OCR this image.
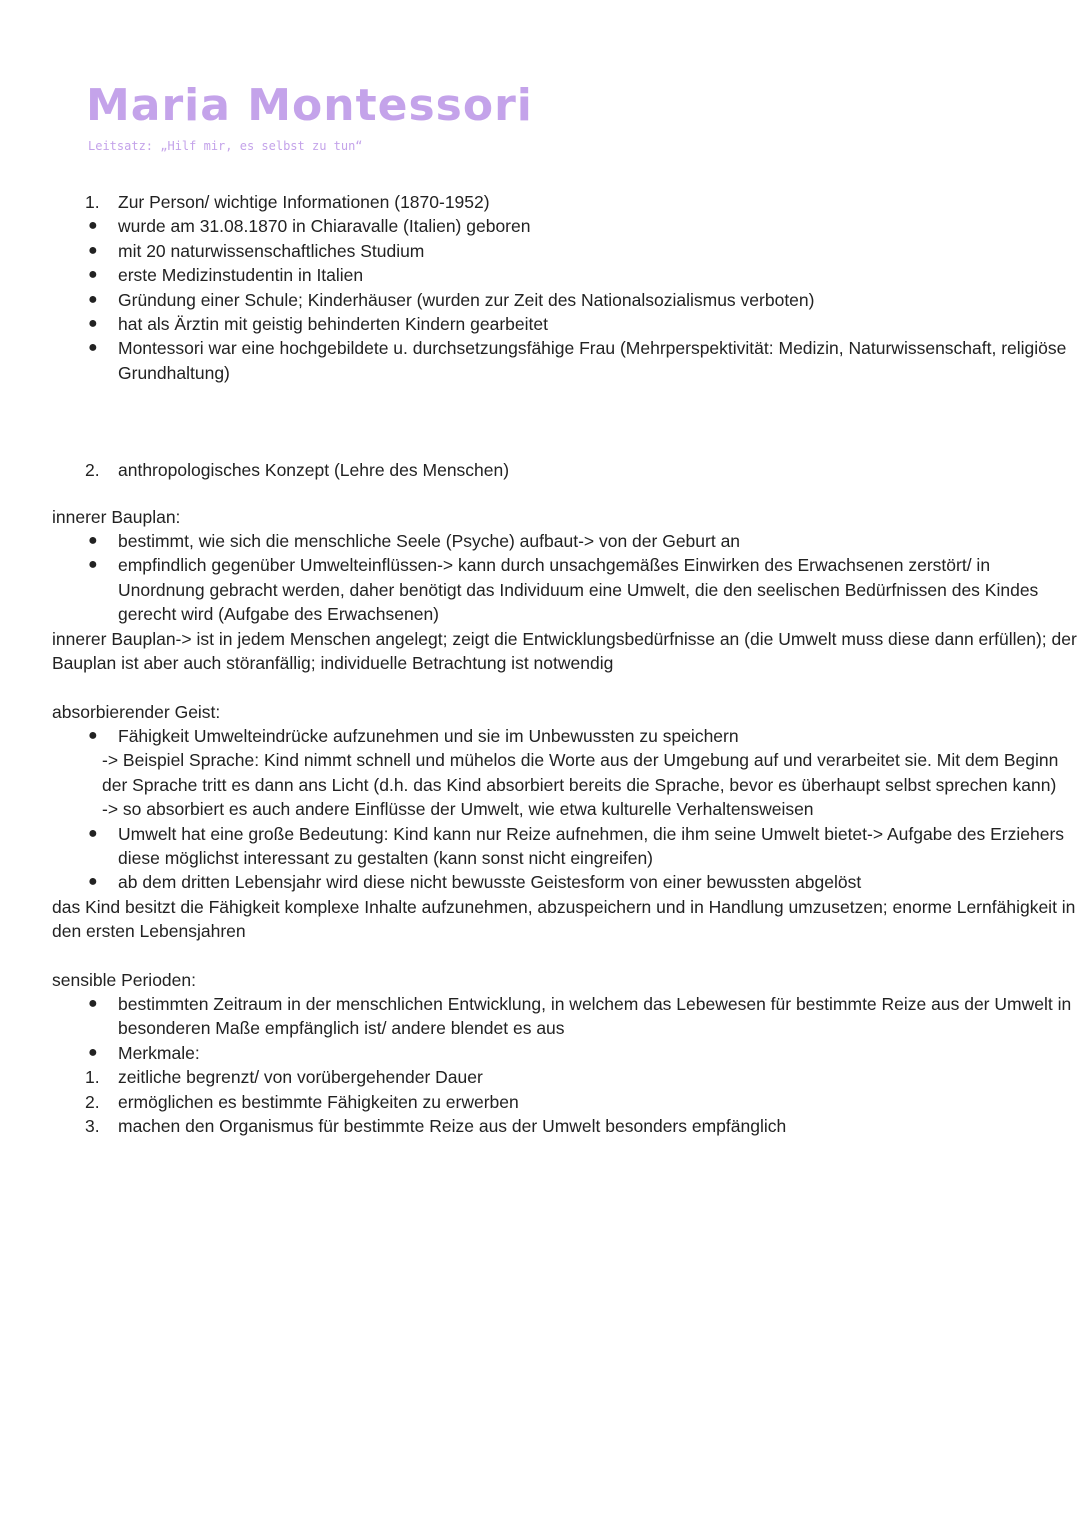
Maria Montessori
Leitsatz: „Hilf mir, es selbst zu tun“
1. Zur Person/ wichtige Informationen (1870-1952)
● wurde am 31.08.1870 in Chiaravalle (Italien) geboren
● mit 20 naturwissenschaftliches Studium
● erste Medizinstudentin in Italien
● Gründung einer Schule; Kinderhäuser (wurden zur Zeit des Nationalsozialismus verboten)
● hat als Ärztin mit geistig behinderten Kindern gearbeitet
● Montessori war eine hochgebildete u. durchsetzungsfähige Frau (Mehrperspektivität: Medizin, Naturwissenschaft, religiöse Grundhaltung)
2. anthropologisches Konzept (Lehre des Menschen)
innerer Bauplan:
● bestimmt, wie sich die menschliche Seele (Psyche) aufbaut-> von der Geburt an
● empfindlich gegenüber Umwelteinflüssen-> kann durch unsachgemäßes Einwirken des Erwachsenen zerstört/ in Unordnung gebracht werden, daher benötigt das Individuum eine Umwelt, die den seelischen Bedürfnissen des Kindes gerecht wird (Aufgabe des Erwachsenen)
innerer Bauplan-> ist in jedem Menschen angelegt; zeigt die Entwicklungsbedürfnisse an (die Umwelt muss diese dann erfüllen); der Bauplan ist aber auch störanfällig; individuelle Betrachtung ist notwendig
absorbierender Geist:
● Fähigkeit Umwelteindrücke aufzunehmen und sie im Unbewussten zu speichern
-> Beispiel Sprache: Kind nimmt schnell und mühelos die Worte aus der Umgebung auf und verarbeitet sie. Mit dem Beginn der Sprache tritt es dann ans Licht (d.h. das Kind absorbiert bereits die Sprache, bevor es überhaupt selbst sprechen kann)
-> so absorbiert es auch andere Einflüsse der Umwelt, wie etwa kulturelle Verhaltensweisen
● Umwelt hat eine große Bedeutung: Kind kann nur Reize aufnehmen, die ihm seine Umwelt bietet-> Aufgabe des Erziehers diese möglichst interessant zu gestalten (kann sonst nicht eingreifen)
● ab dem dritten Lebensjahr wird diese nicht bewusste Geistesform von einer bewussten abgelöst
das Kind besitzt die Fähigkeit komplexe Inhalte aufzunehmen, abzuspeichern und in Handlung umzusetzen; enorme Lernfähigkeit in den ersten Lebensjahren
sensible Perioden:
● bestimmten Zeitraum in der menschlichen Entwicklung, in welchem das Lebewesen für bestimmte Reize aus der Umwelt in besonderen Maße empfänglich ist/ andere blendet es aus
● Merkmale:
1. zeitliche begrenzt/ von vorübergehender Dauer
2. ermöglichen es bestimmte Fähigkeiten zu erwerben
3. machen den Organismus für bestimmte Reize aus der Umwelt besonders empfänglich
